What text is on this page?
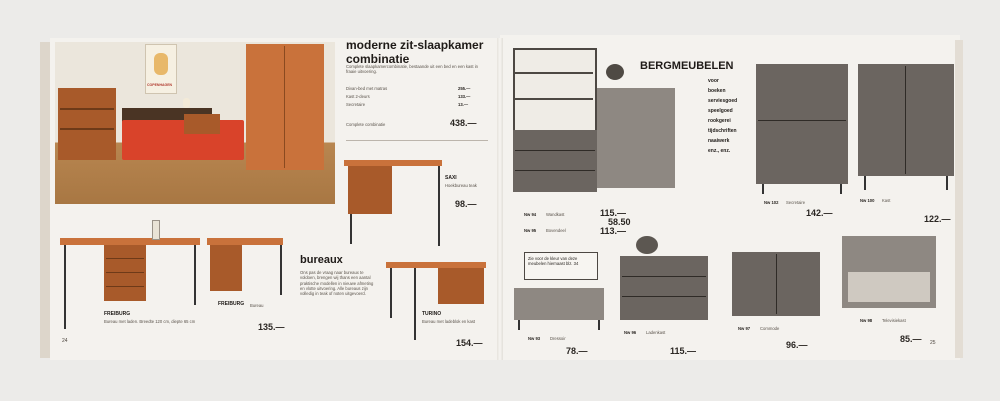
COPENHAGEN
moderne zit-slaapkamer combinatie
Complete slaapkamercombinatie, bestaande uit een bed en een kast in fraaie uitvoering.
Divan-bed met matras	255.—
Kast 2-deurs	133.—
Secretaire	13.—
Complete combinatie	438.—
SAXI
Hoekbureau teak
98.—
FREIBURG
Bureau met laden. Breedte 120 cm, diepte 65 cm
24
FREIBURG Bureau
135.—
bureaux
Ons pas de vraag naar bureaux te voldoen, brengen wij thans een aantal praktische modellen in nieuwe afmeting en vlotte uitvoering. Alle bureaus zijn volledig in teak of noten uitgevoerd.
TURINO
Bureau met ladeblok en kast
154.—
Nw 94 Wandkast	115.—
58.50
Nw 95 Bovendeel	113.—
BERGMEUBELEN
voor
boeken
serviesgoed
speelgoed
rookgerei
tijdschriften
naaiwerk
enz., enz.
Nw 102 Secretaire
142.—
Nw 100 Kast
122.—
Zie voor de kleur van deze meubelen hiernaast blz. 34
Nw 93 Dressoir
78.—
Nw 96 Ladenkast
115.—
Nw 97 Commode
96.—
Nw 98 Televisiekast
85.— 25
